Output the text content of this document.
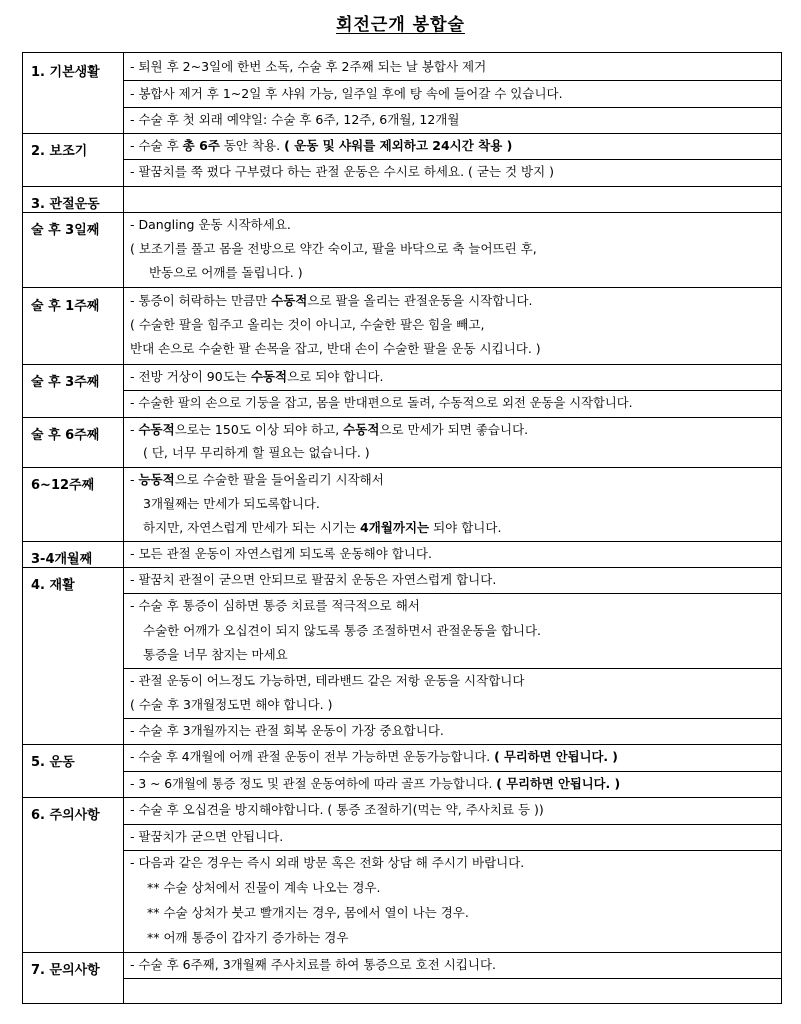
회전근개 봉합술
1. 기본생활	- 퇴원 후 2~3일에 한번 소독, 수술 후 2주째 되는 날 봉합사 제거
- 봉합사 제거 후 1~2일 후 샤워 가능, 일주일 후에 탕 속에 들어갈 수 있습니다.
- 수술 후 첫 외래 예약일: 수술 후 6주, 12주, 6개월, 12개월
2. 보조기	- 수술 후 총 6주 동안 착용. ( 운동 및 샤워를 제외하고 24시간 착용 )
- 팔꿈치를 쭉 폈다 구부렸다 하는 관절 운동은 수시로 하세요. ( 굳는 것 방지 )
3. 관절운동
술 후 3일째	- Dangling 운동 시작하세요.
( 보조기를 풀고 몸을 전방으로 약간 숙이고, 팔을 바닥으로 축 늘어뜨린 후,
반동으로 어깨를 돌립니다. )
술 후 1주째	- 통증이 허락하는 만큼만 수동적으로 팔을 올리는 관절운동을 시작합니다.
( 수술한 팔을 힘주고 올리는 것이 아니고, 수술한 팔은 힘을 빼고,
반대 손으로 수술한 팔 손목을 잡고, 반대 손이 수술한 팔을 운동 시킵니다. )
술 후 3주째	- 전방 거상이 90도는 수동적으로 되야 합니다.
- 수술한 팔의 손으로 기둥을 잡고, 몸을 반대편으로 돌려, 수동적으로 외전 운동을 시작합니다.
술 후 6주째	- 수동적으로는 150도 이상 되야 하고, 수동적으로 만세가 되면 좋습니다.
( 단, 너무 무리하게 할 필요는 없습니다. )
6~12주째	- 능동적으로 수술한 팔을 들어올리기 시작해서
3개월째는 만세가 되도록합니다.
하지만, 자연스럽게 만세가 되는 시기는 4개월까지는 되야 합니다.
3-4개월째	- 모든 관절 운동이 자연스럽게 되도록 운동해야 합니다.
4. 재활	- 팔꿈치 관절이 굳으면 안되므로 팔꿈치 운동은 자연스럽게 합니다.
- 수술 후 통증이 심하면 통증 치료를 적극적으로 해서
수술한 어깨가 오십견이 되지 않도록 통증 조절하면서 관절운동을 합니다.
통증을 너무 참지는 마세요
- 관절 운동이 어느정도 가능하면, 테라밴드 같은 저항 운동을 시작합니다
( 수술 후 3개월정도면 해야 합니다. )
- 수술 후 3개월까지는 관절 회복 운동이 가장 중요합니다.
5. 운동	- 수술 후 4개월에 어깨 관절 운동이 전부 가능하면 운동가능합니다. ( 무리하면 안됩니다. )
- 3 ~ 6개월에 통증 정도 및 관절 운동여하에 따라 골프 가능합니다. ( 무리하면 안됩니다. )
6. 주의사항	- 수술 후 오십견을 방지해야합니다. ( 통증 조절하기(먹는 약, 주사치료 등 ))
- 팔꿈치가 굳으면 안됩니다.
- 다음과 같은 경우는 즉시 외래 방문 혹은 전화 상담 해 주시기 바랍니다.
** 수술 상처에서 진물이 계속 나오는 경우.
** 수술 상처가 붓고 빨개지는 경우, 몸에서 열이 나는 경우.
** 어깨 통증이 갑자기 증가하는 경우
7. 문의사항	- 수술 후 6주째, 3개월째 주사치료를 하여 통증으로 호전 시킵니다.
